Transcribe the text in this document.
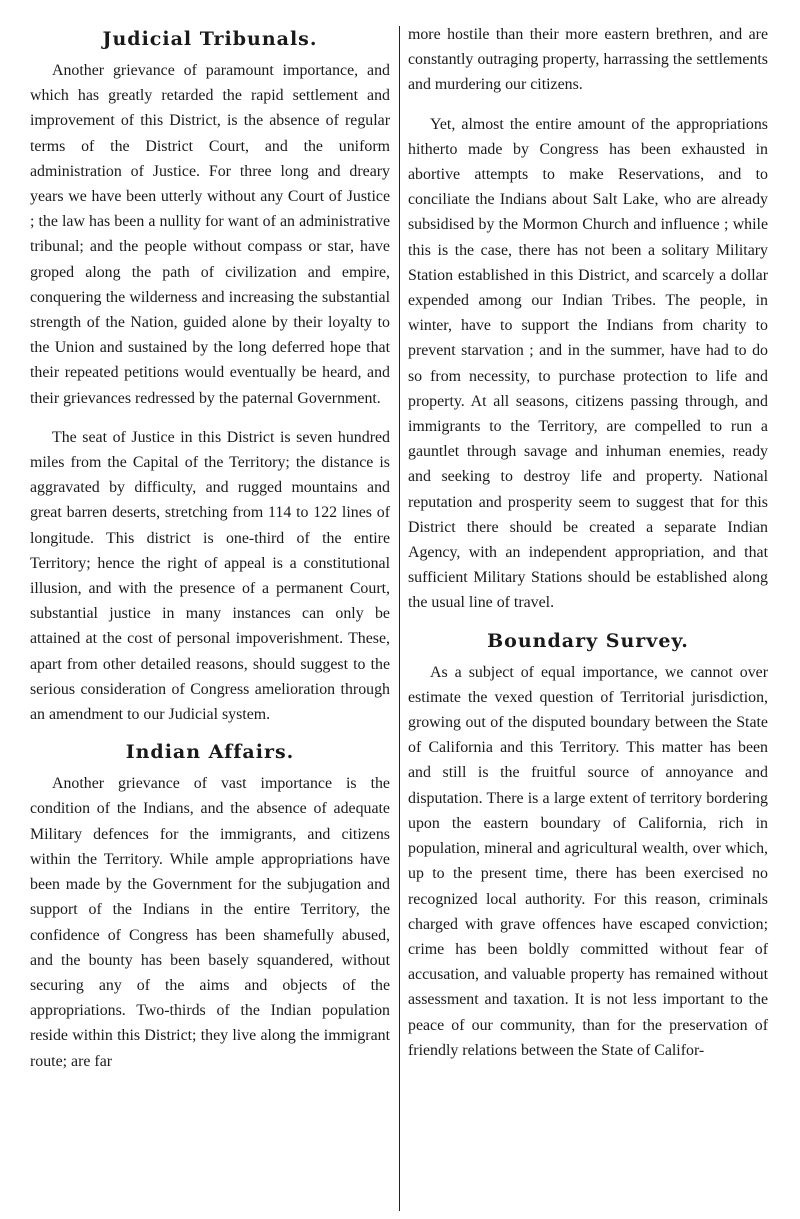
Judicial Tribunals.

Another grievance of paramount importance, and which has greatly retarded the rapid settlement and improvement of this District, is the absence of regular terms of the District Court, and the uniform administration of Justice. For three long and dreary years we have been utterly without any Court of Justice ; the law has been a nullity for want of an administrative tribunal; and the people without compass or star, have groped along the path of civilization and empire, conquering the wilderness and increasing the substantial strength of the Nation, guided alone by their loyalty to the Union and sustained by the long deferred hope that their repeated petitions would eventually be heard, and their grievances redressed by the paternal Government.

The seat of Justice in this District is seven hundred miles from the Capital of the Territory; the distance is aggravated by difficulty, and rugged mountains and great barren deserts, stretching from 114 to 122 lines of longitude. This district is one-third of the entire Territory; hence the right of appeal is a constitutional illusion, and with the presence of a permanent Court, substantial justice in many instances can only be attained at the cost of personal impoverishment. These, apart from other detailed reasons, should suggest to the serious consideration of Congress amelioration through an amendment to our Judicial system.

Indian Affairs.

Another grievance of vast importance is the condition of the Indians, and the absence of adequate Military defences for the immigrants, and citizens within the Territory. While ample appropriations have been made by the Government for the subjugation and support of the Indians in the entire Territory, the confidence of Congress has been shamefully abused, and the bounty has been basely squandered, without securing any of the aims and objects of the appropriations. Two-thirds of the Indian population reside within this District; they live along the immigrant route; are far

more hostile than their more eastern brethren, and are constantly outraging property, harrassing the settlements and murdering our citizens.

Yet, almost the entire amount of the appropriations hitherto made by Congress has been exhausted in abortive attempts to make Reservations, and to conciliate the Indians about Salt Lake, who are already subsidised by the Mormon Church and influence ; while this is the case, there has not been a solitary Military Station established in this District, and scarcely a dollar expended among our Indian Tribes. The people, in winter, have to support the Indians from charity to prevent starvation ; and in the summer, have had to do so from necessity, to purchase protection to life and property. At all seasons, citizens passing through, and immigrants to the Territory, are compelled to run a gauntlet through savage and inhuman enemies, ready and seeking to destroy life and property. National reputation and prosperity seem to suggest that for this District there should be created a separate Indian Agency, with an independent appropriation, and that sufficient Military Stations should be established along the usual line of travel.

Boundary Survey.

As a subject of equal importance, we cannot over estimate the vexed question of Territorial jurisdiction, growing out of the disputed boundary between the State of California and this Territory. This matter has been and still is the fruitful source of annoyance and disputation. There is a large extent of territory bordering upon the eastern boundary of California, rich in population, mineral and agricultural wealth, over which, up to the present time, there has been exercised no recognized local authority. For this reason, criminals charged with grave offences have escaped conviction; crime has been boldly committed without fear of accusation, and valuable property has remained without assessment and taxation. It is not less important to the peace of our community, than for the preservation of friendly relations between the State of Califor-
